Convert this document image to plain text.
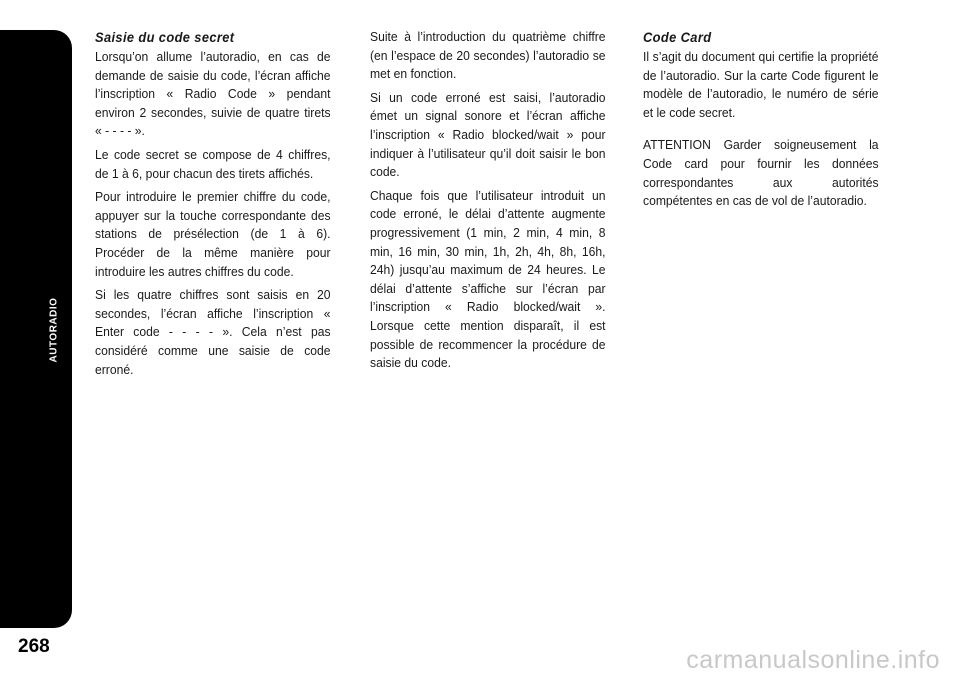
AUTORADIO
268
Saisie du code secret

Lorsqu’on allume l’autoradio, en cas de demande de saisie du code, l’écran affiche l’inscription « Radio Code » pendant environ 2 secondes, suivie de quatre tirets « - - - - ».

Le code secret se compose de 4 chiffres, de 1 à 6, pour chacun des tirets affichés.

Pour introduire le premier chiffre du code, appuyer sur la touche correspondante des stations de présélection (de 1 à 6). Procéder de la même manière pour introduire les autres chiffres du code.

Si les quatre chiffres sont saisis en 20 secondes, l’écran affiche l’inscription « Enter code - - - - ». Cela n’est pas considéré comme une saisie de code erroné.

Suite à l’introduction du quatrième chiffre (en l’espace de 20 secondes) l’autoradio se met en fonction.

Si un code erroné est saisi, l’autoradio émet un signal sonore et l’écran affiche l’inscription « Radio blocked/wait » pour indiquer à l’utilisateur qu’il doit saisir le bon code.

Chaque fois que l’utilisateur introduit un code erroné, le délai d’attente augmente progressivement (1 min, 2 min, 4 min, 8 min, 16 min, 30 min, 1h, 2h, 4h, 8h, 16h, 24h) jusqu’au maximum de 24 heures. Le délai d’attente s’affiche sur l’écran par l’inscription « Radio blocked/wait ». Lorsque cette mention disparaît, il est possible de recommencer la procédure de saisie du code.

Code Card

Il s’agit du document qui certifie la propriété de l’autoradio. Sur la carte Code figurent le modèle de l’autoradio, le numéro de série et le code secret.

ATTENTION Garder soigneusement la Code card pour fournir les données correspondantes aux autorités compétentes en cas de vol de l’autoradio.

carmanualsonline.info
